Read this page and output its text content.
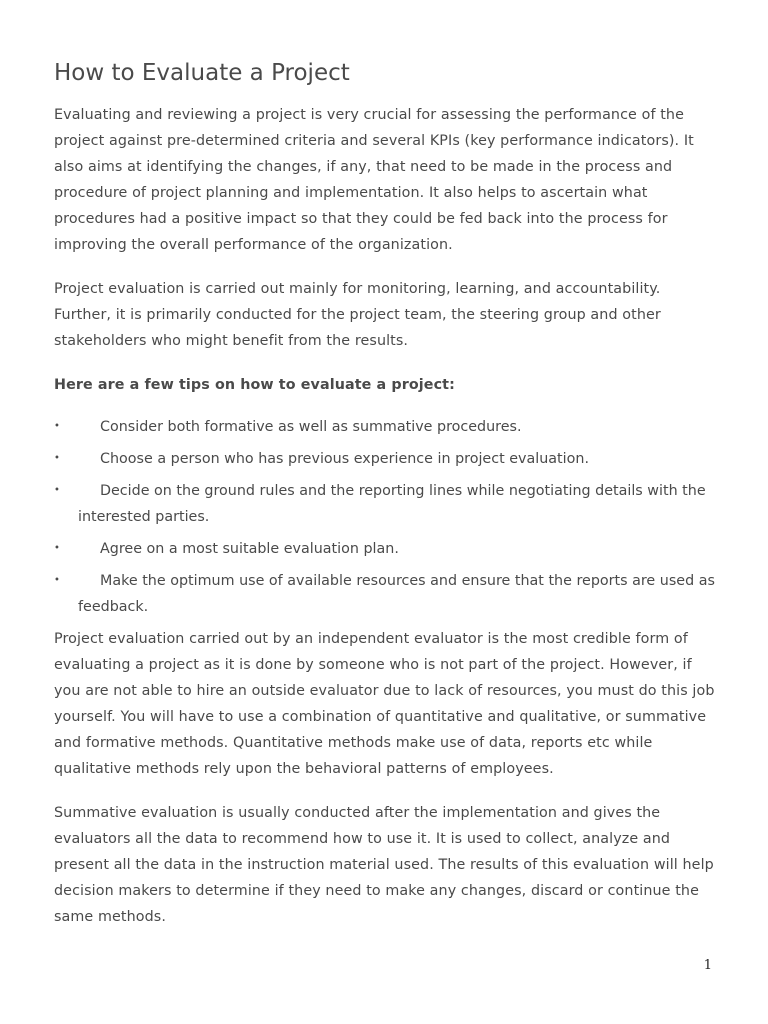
How to Evaluate a Project

Evaluating and reviewing a project is very crucial for assessing the performance of the project against pre-determined criteria and several KPIs (key performance indicators). It also aims at identifying the changes, if any, that need to be made in the process and procedure of project planning and implementation. It also helps to ascertain what procedures had a positive impact so that they could be fed back into the process for improving the overall performance of the organization.

Project evaluation is carried out mainly for monitoring, learning, and accountability. Further, it is primarily conducted for the project team, the steering group and other stakeholders who might benefit from the results.

Here are a few tips on how to evaluate a project:

•	Consider both formative as well as summative procedures.
•	Choose a person who has previous experience in project evaluation.
•	Decide on the ground rules and the reporting lines while negotiating details with the interested parties.
•	Agree on a most suitable evaluation plan.
•	Make the optimum use of available resources and ensure that the reports are used as feedback.

Project evaluation carried out by an independent evaluator is the most credible form of evaluating a project as it is done by someone who is not part of the project. However, if you are not able to hire an outside evaluator due to lack of resources, you must do this job yourself. You will have to use a combination of quantitative and qualitative, or summative and formative methods. Quantitative methods make use of data, reports etc while qualitative methods rely upon the behavioral patterns of employees.

Summative evaluation is usually conducted after the implementation and gives the evaluators all the data to recommend how to use it. It is used to collect, analyze and present all the data in the instruction material used. The results of this evaluation will help decision makers to determine if they need to make any changes, discard or continue the same methods.

1
